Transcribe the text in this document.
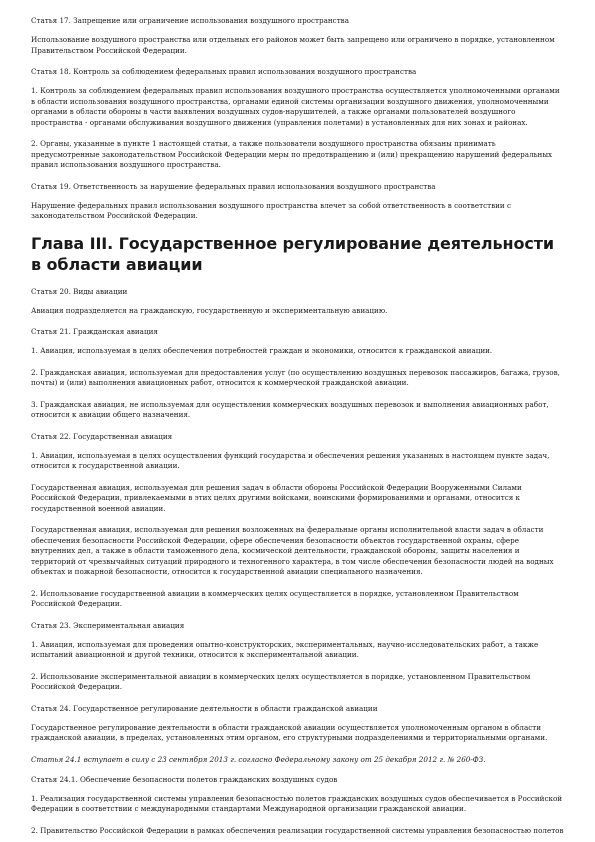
Статья 17. Запрещение или ограничение использования воздушного пространства
Использование воздушного пространства или отдельных его районов может быть запрещено или ограничено в порядке, установленном Правительством Российской Федерации.
Статья 18. Контроль за соблюдением федеральных правил использования воздушного пространства
1. Контроль за соблюдением федеральных правил использования воздушного пространства осуществляется уполномоченными органами в области использования воздушного пространства, органами единой системы организации воздушного движения, уполномоченными органами в области обороны в части выявления воздушных судов-нарушителей, а также органами пользователей воздушного пространства - органами обслуживания воздушного движения (управления полетами) в установленных для них зонах и районах.
2. Органы, указанные в пункте 1 настоящей статьи, а также пользователи воздушного пространства обязаны принимать предусмотренные законодательством Российской Федерации меры по предотвращению и (или) прекращению нарушений федеральных правил использования воздушного пространства.
Статья 19. Ответственность за нарушение федеральных правил использования воздушного пространства
Нарушение федеральных правил использования воздушного пространства влечет за собой ответственность в соответствии с законодательством Российской Федерации.
Глава III. Государственное регулирование деятельности в области авиации
Статья 20. Виды авиации
Авиация подразделяется на гражданскую, государственную и экспериментальную авиацию.
Статья 21. Гражданская авиация
1. Авиация, используемая в целях обеспечения потребностей граждан и экономики, относится к гражданской авиации.
2. Гражданская авиация, используемая для предоставления услуг (по осуществлению воздушных перевозок пассажиров, багажа, грузов, почты) и (или) выполнения авиационных работ, относится к коммерческой гражданской авиации.
3. Гражданская авиация, не используемая для осуществления коммерческих воздушных перевозок и выполнения авиационных работ, относится к авиации общего назначения.
Статья 22. Государственная авиация
1. Авиация, используемая в целях осуществления функций государства и обеспечения решения указанных в настоящем пункте задач, относится к государственной авиации.
Государственная авиация, используемая для решения задач в области обороны Российской Федерации Вооруженными Силами Российской Федерации, привлекаемыми в этих целях другими войсками, воинскими формированиями и органами, относится к государственной военной авиации.
Государственная авиация, используемая для решения возложенных на федеральные органы исполнительной власти задач в области обеспечения безопасности Российской Федерации, сфере обеспечения безопасности объектов государственной охраны, сфере внутренних дел, а также в области таможенного дела, космической деятельности, гражданской обороны, защиты населения и территорий от чрезвычайных ситуаций природного и техногенного характера, в том числе обеспечения безопасности людей на водных объектах и пожарной безопасности, относится к государственной авиации специального назначения.
2. Использование государственной авиации в коммерческих целях осуществляется в порядке, установленном Правительством Российской Федерации.
Статья 23. Экспериментальная авиация
1. Авиация, используемая для проведения опытно-конструкторских, экспериментальных, научно-исследовательских работ, а также испытаний авиационной и другой техники, относится к экспериментальной авиации.
2. Использование экспериментальной авиации в коммерческих целях осуществляется в порядке, установленном Правительством Российской Федерации.
Статья 24. Государственное регулирование деятельности в области гражданской авиации
Государственное регулирование деятельности в области гражданской авиации осуществляется уполномоченным органом в области гражданской авиации, в пределах, установленных этим органом, его структурными подразделениями и территориальными органами.
Статья 24.1 вступает в силу с 23 сентября 2013 г. согласно Федеральному закону от 25 декабря 2012 г. № 260-ФЗ.
Статья 24.1. Обеспечение безопасности полетов гражданских воздушных судов
1. Реализация государственной системы управления безопасностью полетов гражданских воздушных судов обеспечивается в Российской Федерации в соответствии с международными стандартами Международной организации гражданской авиации.
2. Правительство Российской Федерации в рамках обеспечения реализации государственной системы управления безопасностью полетов
